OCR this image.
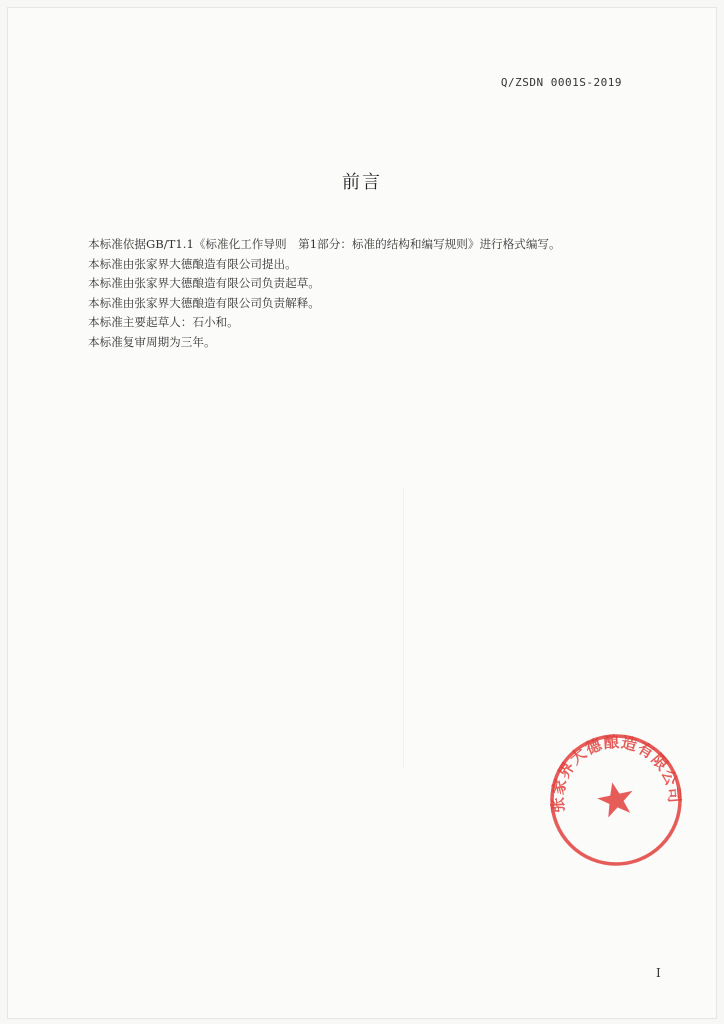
Q/ZSDN 0001S-2019
前言

本标准依据GB/T1.1《标准化工作导则　第1部分：标准的结构和编写规则》进行格式编写。

本标准由张家界大德酿造有限公司提出。

本标准由张家界大德酿造有限公司负责起草。

本标准由张家界大德酿造有限公司负责解释。

本标准主要起草人：石小和。

本标准复审周期为三年。

I
张家界大德酿造有限公司
